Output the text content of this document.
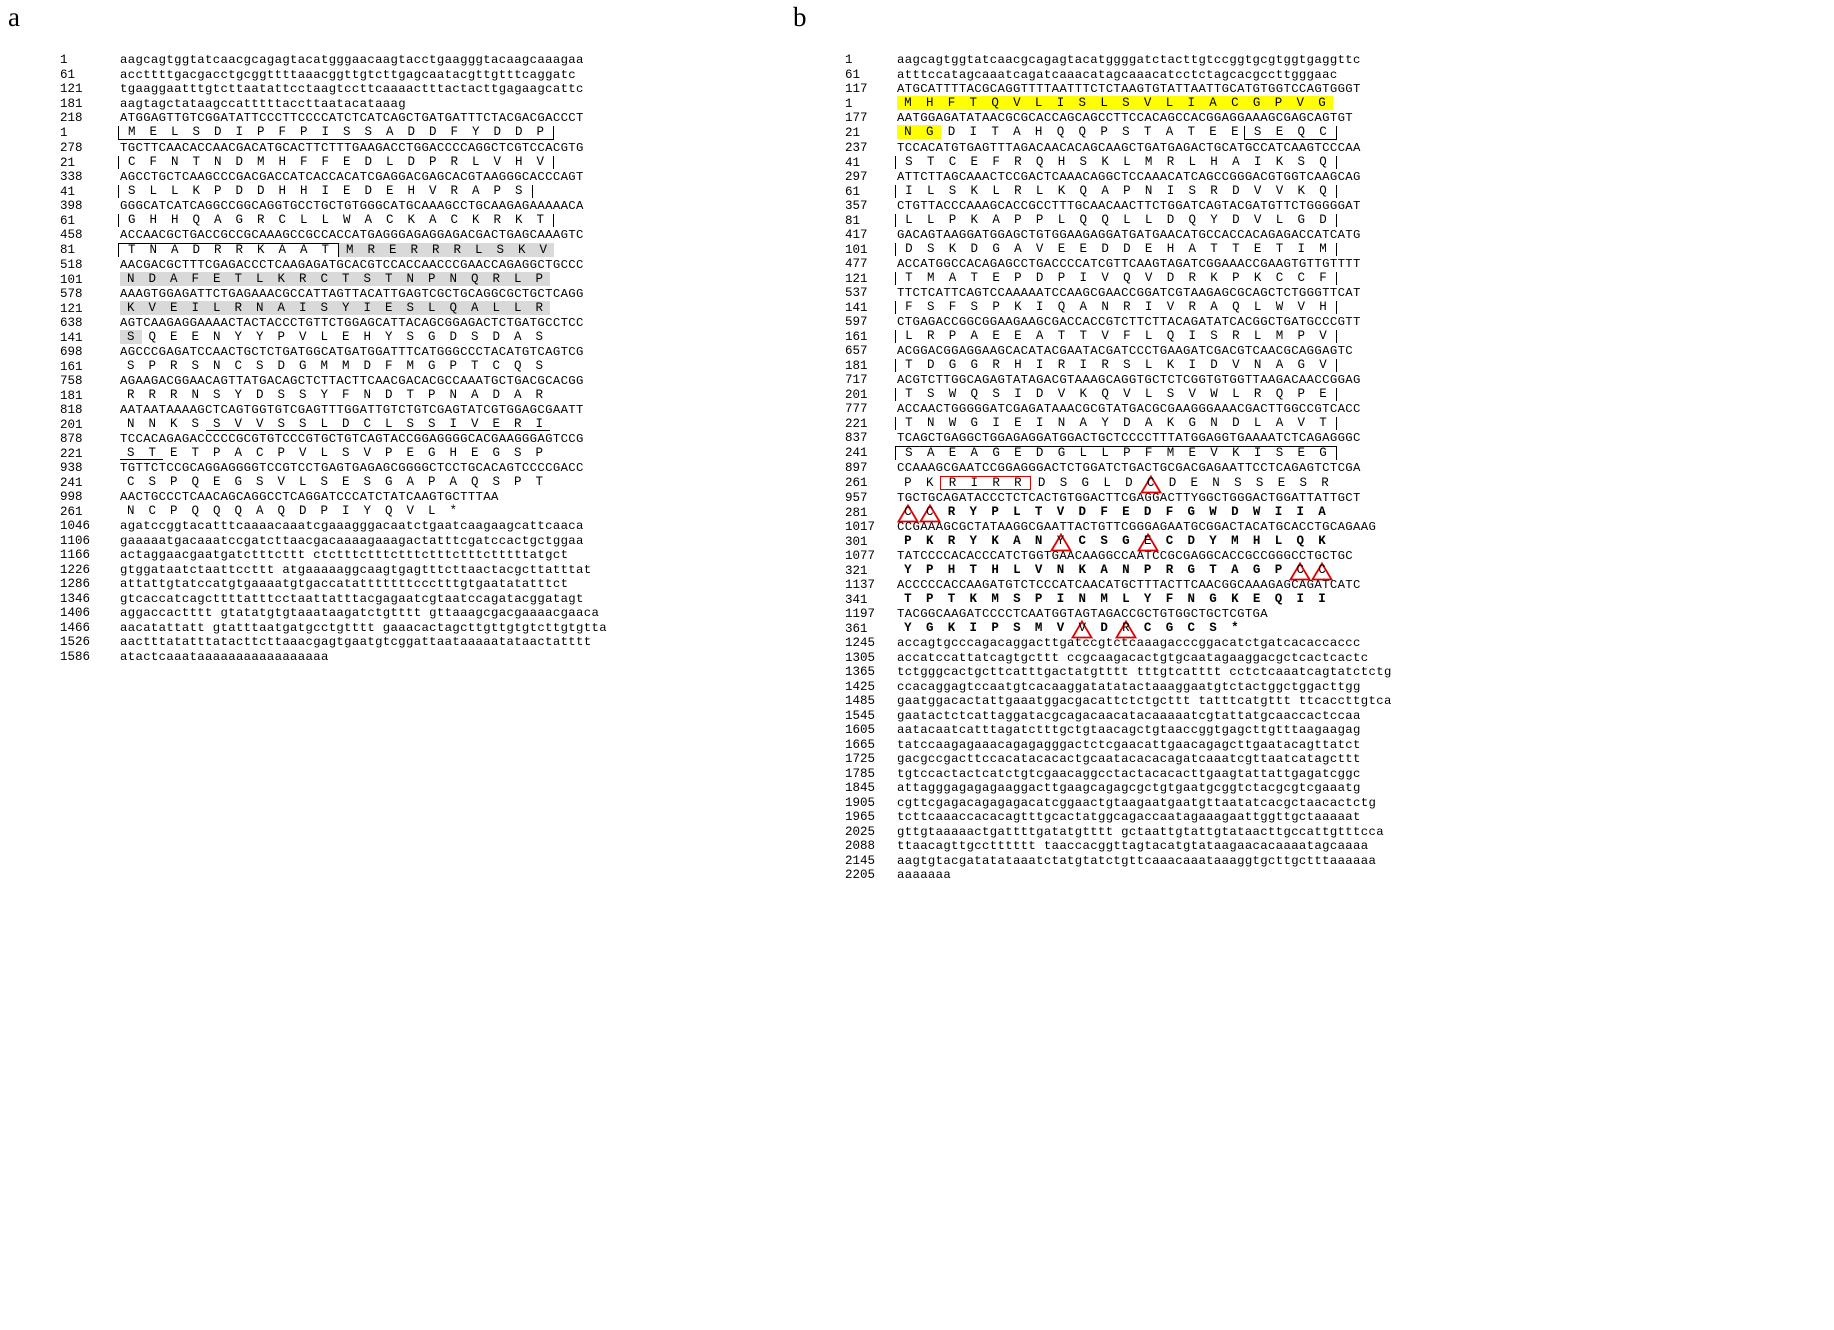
a	b
1	aagcagtggtatcaacgcagagtacatgggaacaagtacctgaagggtacaagcaaagaa
61	accttttgacgacctgcggttttaaacggttgtcttgagcaatacgttgtttcaggatc
121	tgaaggaatttgtcttaatattcctaagtccttcaaaactttactacttgagaagcattc
181	aagtagctataagccatttttaccttaatacataaag
218	ATGGAGTTGTCGGATATTCCCTTCCCCATCTCATCAGCTGATGATTTCTACGACGACCCT
1	M E L S D I P F P I S S A D D F Y D D P
278	TGCTTCAACACCAACGACATGCACTTCTTTGAAGACCTGGACCCCAGGCTCGTCCACGTG
21	C F N T N D M H F F E D L D P R L V H V
338	AGCCTGCTCAAGCCCGACGACCATCACCACATCGAGGACGAGCACGTAAGGGCACCCAGT
41	S L L K P D D H H I E D E H V R A P S
398	GGGCATCATCAGGCCGGCAGGTGCCTGCTGTGGGCATGCAAAGCCTGCAAGAGAAAAACA
61	G H H Q A G R C L L W A C K A C K R K T
458	ACCAACGCTGACCGCCGCAAAGCCGCCACCATGAGGGAGAGGAGACGACTGAGCAAAGTC
81	T N A D R R K A A T M R E R R R L S K V
518	AACGACGCTTTCGAGACCCTCAAGAGATGCACGTCCACCAACCCGAACCAGAGGCTGCCC
101	N D A F E T L K R C T S T N P N Q R L P
578	AAAGTGGAGATTCTGAGAAACGCCATTAGTTACATTGAGTCGCTGCAGGCGCTGCTCAGG
121	K V E I L R N A I S Y I E S L Q A L L R
638	AGTCAAGAGGAAAACTACTACCCTGTTCTGGAGCATTACAGCGGAGACTCTGATGCCTCC
141	S Q E E N Y Y P V L E H Y S G D S D A S
698	AGCCCGAGATCCAACTGCTCTGATGGCATGATGGATTTCATGGGCCCTACATGTCAGTCG
161	S P R S N C S D G M M D F M G P T C Q S
758	AGAAGACGGAACAGTTATGACAGCTCTTACTTCAACGACACGCCAAATGCTGACGCACGG
181	R R R N S Y D S S Y F N D T P N A D A R
818	AATAATAAAAGCTCAGTGGTGTCGAGTTTGGATTGTCTGTCGAGTATCGTGGAGCGAATT
201	N N K S S V V S S L D C L S S I V E R I
878	TCCACAGAGACCCCCGCGTGTCCCGTGCTGTCAGTACCGGAGGGGCACGAAGGGAGTCCG
221	S T E T P A C P V L S V P E G H E G S P
938	TGTTCTCCGCAGGAGGGGTCCGTCCTGAGTGAGAGCGGGGCTCCTGCACAGTCCCCGACC
241	C S P Q E G S V L S E S G A P A Q S P T
998	AACTGCCCTCAACAGCAGGCCTCAGGATCCCATCTATCAAGTGCTTTAA
261	N C P Q Q Q A Q D P I Y Q V L *
1046	agatccggtacatttcaaaacaaatcgaaagggacaatctgaatcaagaagcattcaaca
1106	gaaaaatgacaaatccgatcttaacgacaaaagaaagactatttcgatccactgctggaa
1166	actaggaacgaatgatctttcttt ctctttctttctttctttctttctttttatgct
1226	gtggataatctaattccttt atgaaaaaggcaagtgagtttcttaactacgcttatttat
1286	attattgtatccatgtgaaaatgtgaccatatttttttccctttgtgaatatatttct
1346	gtcaccatcagcttttatttcctaattatttacgagaatcgtaatccagatacggatagt
1406	aggaccactttt gtatatgtgtaaataagatctgtttt gttaaagcgacgaaaacgaaca
1466	aacatattatt gtatttaatgatgcctgtttt gaaacactagcttgttgtgtcttgtgtta
1526	aactttatatttatacttcttaaacgagtgaatgtcggattaataaaaatataactatttt
1586	atactcaaataaaaaaaaaaaaaaaaa
1	aagcagtggtatcaacgcagagtacatggggatctacttgtccggtgcgtggtgaggttc
61	atttccatagcaaatcagatcaaacatagcaaacatcctctagcacgccttgggaac
117	ATGCATTTTACGCAGGTTTTAATTTCTCTAAGTGTATTAATTGCATGTGGTCCAGTGGGT
1	M H F T Q V L I S L S V L I A C G P V G
177	AATGGAGATATAACGCGCACCAGCAGCCTTCCACAGCCACGGAGGAAAGCGAGCAGTGT
21	N G D I T A H Q Q P S T A T E E S E Q C
237	TCCACATGTGAGTTTAGACAACACAGCAAGCTGATGAGACTGCATGCCATCAAGTCCCAA
41	S T C E F R Q H S K L M R L H A I K S Q
297	ATTCTTAGCAAACTCCGACTCAAACAGGCTCCAAACATCAGCCGGGACGTGGTCAAGCAG
61	I L S K L R L K Q A P N I S R D V V K Q
357	CTGTTACCCAAAGCACCGCCTTTGCAACAACTTCTGGATCAGTACGATGTTCTGGGGGAT
81	L L P K A P P L Q Q L L D Q Y D V L G D
417	GACAGTAAGGATGGAGCTGTGGAAGAGGATGATGAACATGCCACCACAGAGACCATCATG
101	D S K D G A V E E D D E H A T T E T I M
477	ACCATGGCCACAGAGCCTGACCCCATCGTTCAAGTAGATCGGAAACCGAAGTGTTGTTTT
121	T M A T E P D P I V Q V D R K P K C C F
537	TTCTCATTCAGTCCAAAAATCCAAGCGAACCGGATCGTAAGAGCGCAGCTCTGGGTTCAT
141	F S F S P K I Q A N R I V R A Q L W V H
597	CTGAGACCGGCGGAAGAAGCGACCACCGTCTTCTTACAGATATCACGGCTGATGCCCGTT
161	L R P A E E A T T V F L Q I S R L M P V
657	ACGGACGGAGGAAGCACATACGAATACGATCCCTGAAGATCGACGTCAACGCAGGAGTC
181	T D G G R H I R I R S L K I D V N A G V
717	ACGTCTTGGCAGAGTATAGACGTAAAGCAGGTGCTCTCGGTGTGGTTAAGACAACCGGAG
201	T S W Q S I D V K Q V L S V W L R Q P E
777	ACCAACTGGGGGATCGAGATAAACGCGTATGACGCGAAGGGAAACGACTTGGCCGTCACC
221	T N W G I E I N A Y D A K G N D L A V T
837	TCAGCTGAGGCTGGAGAGGATGGACTGCTCCCCTTTATGGAGGTGAAAATCTCAGAGGGC
241	S A E A G E D G L L P F M E V K I S E G
897	CCAAAGCGAATCCGGAGGGACTCTGGATCTGACTGCGACGAGAATTCCTCAGAGTCTCGA
261	P K R I R R D S G L D C D E N S S E S R
957	TGCTGCAGATACCCTCTCACTGTGGACTTCGAGGACTTYGGCTGGGACTGGATTATTGCT
281	C C R Y P L T V D F E D F G W D W I I A
1017	CCGAAAGCGCTATAAGGCGAATTACTGTTCGGGAGAATGCGGACTACATGCACCTGCAGAAG
301	P K R Y K A N Y C S G E C D Y M H L Q K
1077	TATCCCCACACCCATCTGGTGAACAAGGCCAATCCGCGAGGCACCGCCGGGCCTGCTGC
321	Y P H T H L V N K A N P R G T A G P C C
1137	ACCCCCACCAAGATGTCTCCCATCAACATGCTTTACTTCAACGGCAAAGAGCAGATCATC
341	T P T K M S P I N M L Y F N G K E Q I I
1197	TACGGCAAGATCCCCTCAATGGTAGTAGACCGCTGTGGCTGCTCGTGA
361	Y G K I P S M V V D R C G C S *
1245	accagtgcccagacaggacttgatccgtctcaaagacccggacatctgatcacaccaccc
1305	accatccattatcagtgcttt ccgcaagacactgtgcaatagaaggacgctcactcactc
1365	tctgggcactgcttcatttgactatgtttt tttgtcatttt cctctcaaatcagtatctctg
1425	ccacaggagtccaatgtcacaaggatatatactaaaggaatgtctactggctggacttgg
1485	gaatggacactattgaaatggacgacattctctgcttt tatttcatgttt ttcaccttgtca
1545	gaatactctcattaggatacgcagacaacatacaaaaatcgtattatgcaaccactccaa
1605	aatacaatcatttagatctttgctgtaacagctgtaaccggtgagcttgtttaagaagag
1665	tatccaagagaaacagagagggactctcgaacattgaacagagcttgaatacagttatct
1725	gacgccgacttccacatacacactgcaatacacacagatcaaatcgttaatcatagcttt
1785	tgtccactactcatctgtcgaacaggcctactacacacttgaagtattattgagatcggc
1845	attagggagagagaaggacttgaagcagagcgctgtgaatgcggtctacgcgtcgaaatg
1905	cgttcgagacagagagacatcggaactgtaagaatgaatgttaatatcacgctaacactctg
1965	tcttcaaaccacacagtttgcactatggcagaccaatagaaagaattggttgctaaaaat
2025	gttgtaaaaactgattttgatatgtttt gctaattgtattgtataacttgccattgtttcca
2088	ttaacagttgcctttttt taaccacggttagtacatgtataagaacacaaaatagcaaaa
2145	aagtgtacgatatataaatctatgtatctgttcaaacaaataaaggtgcttgctttaaaaaa
2205	aaaaaaa
